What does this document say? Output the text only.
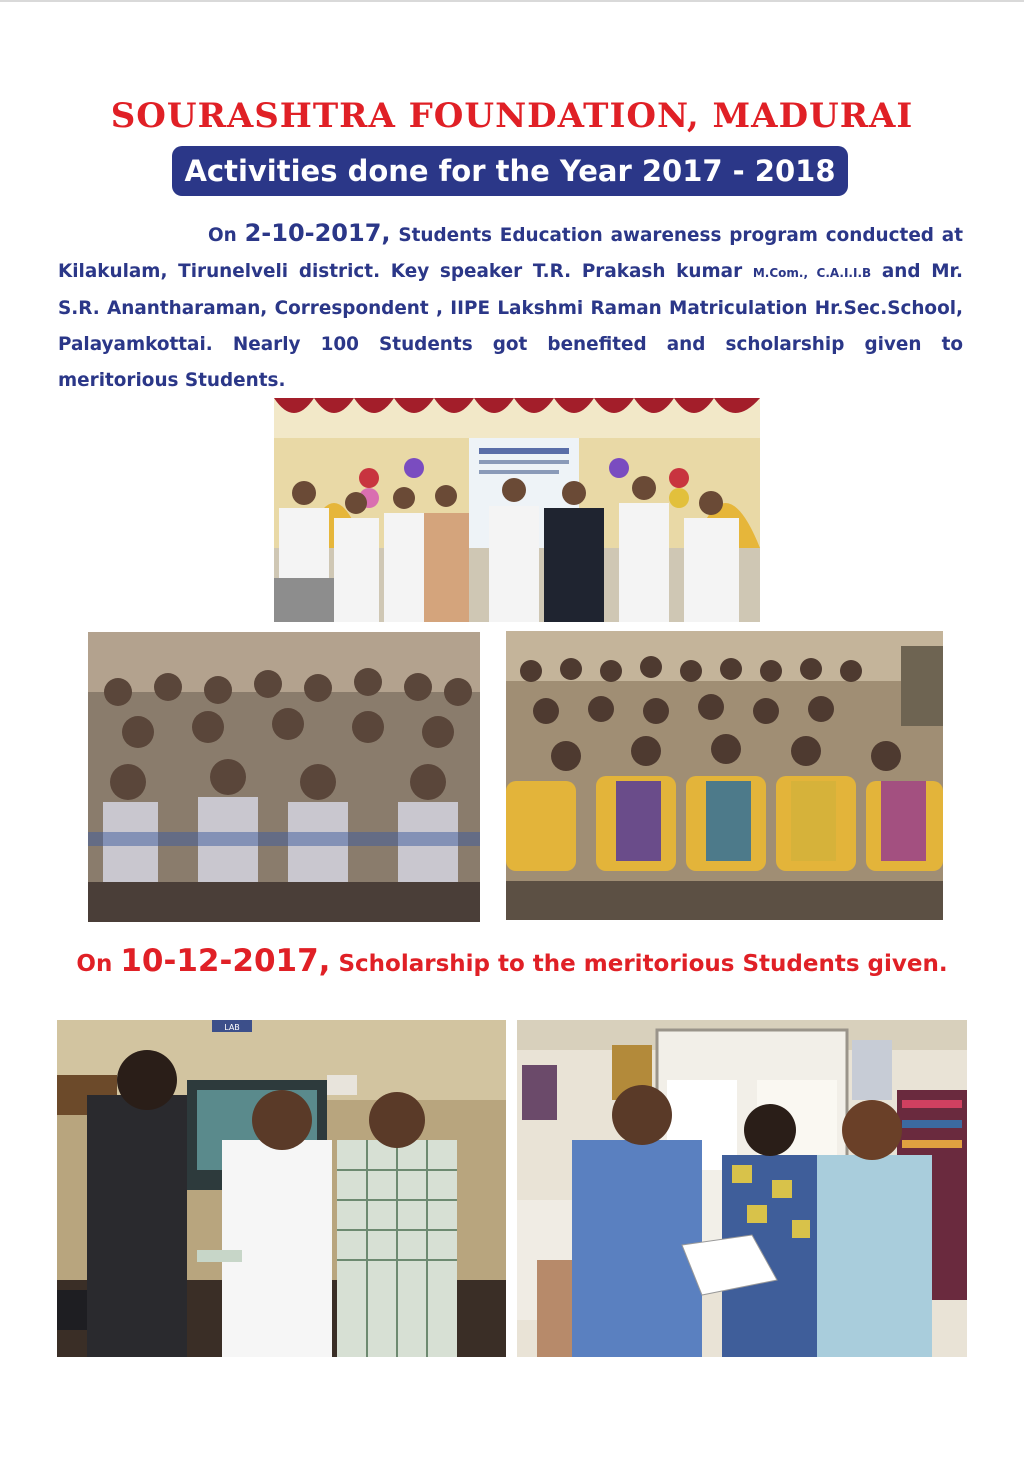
SOURASHTRA FOUNDATION, MADURAI
Activities done for the Year 2017 - 2018
On 2-10-2017, Students Education awareness program conducted at Kilakulam, Tirunelveli district. Key speaker T.R. Prakash kumar M.Com., C.A.I.I.B and Mr. S.R. Anantharaman, Correspondent , IIPE Lakshmi Raman Matriculation Hr.Sec.School, Palayamkottai. Nearly 100 Students got benefited and scholarship given to meritorious Students.
On 10-12-2017, Scholarship to the meritorious Students given.
LAB
